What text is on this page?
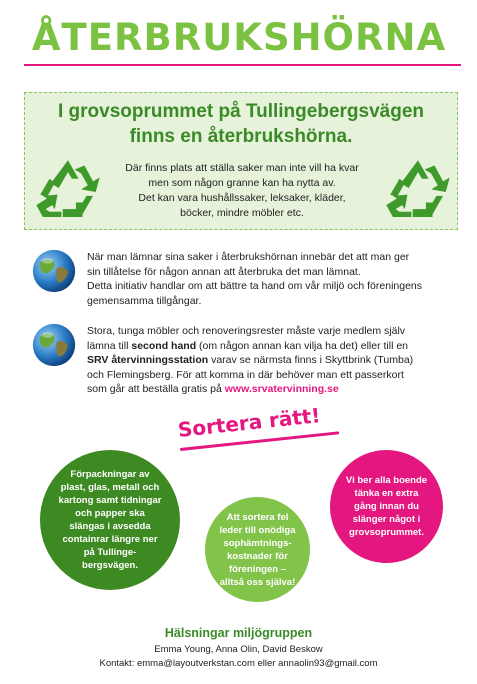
ÅTERBRUKSHÖRNA
I grovsoprummet på Tullingebergsvägen
finns en återbrukshörna.
Där finns plats att ställa saker man inte vill ha kvar
men som någon granne kan ha nytta av.
Det kan vara hushållssaker, leksaker, kläder,
böcker, mindre möbler etc.
När man lämnar sina saker i återbrukshörnan innebär det att man ger
sin tillåtelse för någon annan att återbruka det man lämnat.
Detta initiativ handlar om att bättre ta hand om vår miljö och föreningens
gemensamma tillgångar.
Stora, tunga möbler och renoveringsrester måste varje medlem själv
lämna till second hand (om någon annan kan vilja ha det) eller till en
SRV återvinningsstation varav se närmsta finns i Skyttbrink (Tumba)
och Flemingsberg. För att komma in där behöver man ett passerkort
som går att beställa gratis på www.srvatervinning.se
Sortera rätt!
Förpackningar av plast, glas, metall och kartong samt tidningar och papper ska slängas i avsedda containrar längre ner på Tullinge-bergsvägen.
Att sortera fel leder till onödiga sophämtnings-kostnader för föreningen – alltså oss själva!
Vi ber alla boende tänka en extra gång innan du slänger något i grovsoprummet.
Hälsningar miljögruppen
Emma Young, Anna Olin, David Beskow
Kontakt: emma@layoutverkstan.com eller annaolin93@gmail.com
